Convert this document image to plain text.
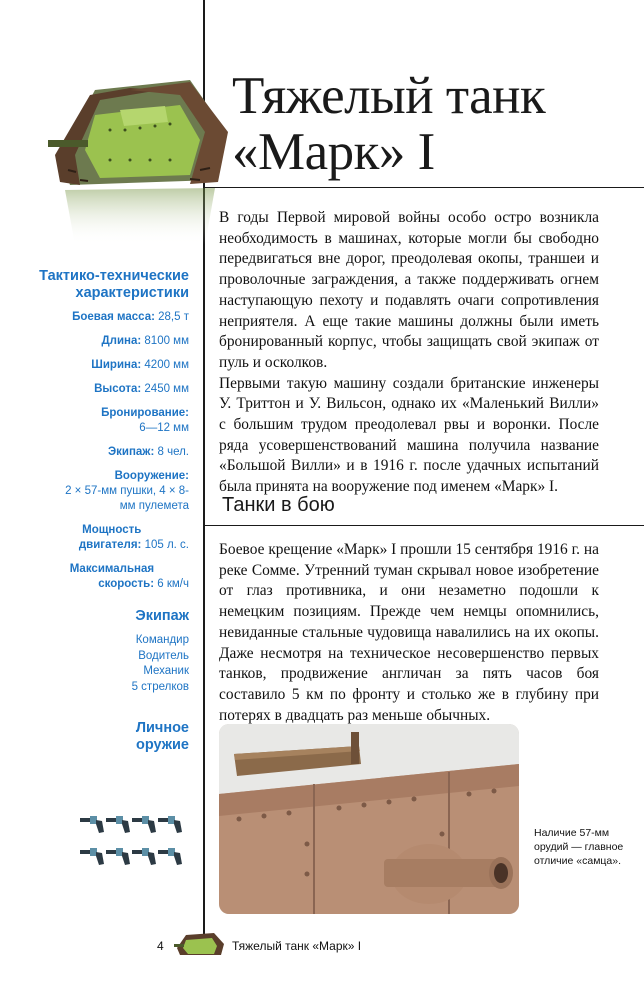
Тяжелый танк
«Марк» I

В годы Первой мировой войны особо остро возникла необходимость в машинах, которые могли бы свободно передвигаться вне дорог, преодолевая окопы, траншеи и проволочные заграждения, а также поддерживать огнем наступающую пехоту и подавлять очаги сопротивления неприятеля. А еще такие машины должны были иметь бронированный корпус, чтобы защищать свой экипаж от пуль и осколков.

Первыми такую машину создали британские инженеры У. Триттон и У. Вильсон, однако их «Маленький Вилли» с большим трудом преодолевал рвы и воронки. После ряда усовершенствований машина получила название «Большой Вилли» и в 1916 г. после удачных испытаний была принята на вооружение под именем «Марк» I.

Танки в бою

Боевое крещение «Марк» I прошли 15 сентября 1916 г. на реке Сомме. Утренний туман скрывал новое изобретение от глаз противника, и они незаметно подошли к немецким позициям. Прежде чем немцы опомнились, невиданные стальные чудовища навалились на их окопы. Даже несмотря на техническое несовершенство первых танков, продвижение англичан за пять часов боя составило 5 км по фронту и столько же в глубину при потерях в двадцать раз меньше обычных.

Тактико-технические характеристики
Боевая масса: 28,5 т
Длина: 8100 мм
Ширина: 4200 мм
Высота: 2450 мм
Бронирование:
6—12 мм
Экипаж: 8 чел.
Вооружение:
2 × 57-мм пушки, 4 × 8-мм пулемета
Мощность двигателя: 105 л. с.
Максимальная скорость: 6 км/ч
Экипаж
Командир
Водитель
Механик
5 стрелков
Личное оружие
Наличие 57-мм орудий — главное отличие «самца».
4	Тяжелый танк «Марк» I
